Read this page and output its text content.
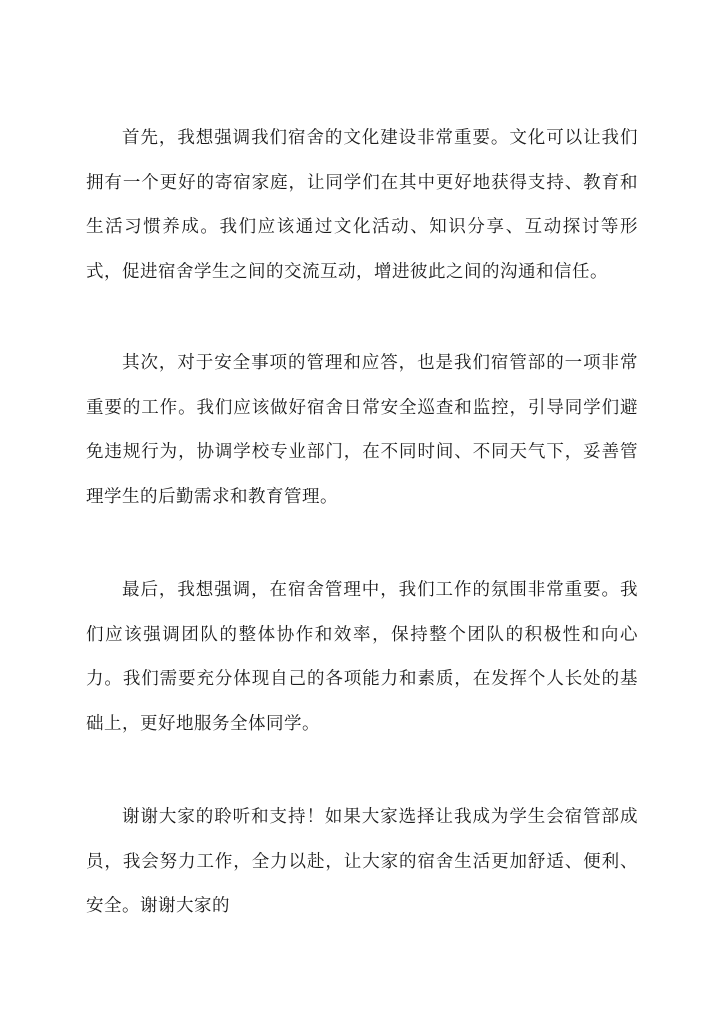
首先，我想强调我们宿舍的文化建设非常重要。文化可以让我们拥有一个更好的寄宿家庭，让同学们在其中更好地获得支持、教育和生活习惯养成。我们应该通过文化活动、知识分享、互动探讨等形式，促进宿舍学生之间的交流互动，增进彼此之间的沟通和信任。

其次，对于安全事项的管理和应答，也是我们宿管部的一项非常重要的工作。我们应该做好宿舍日常安全巡查和监控，引导同学们避免违规行为，协调学校专业部门，在不同时间、不同天气下，妥善管理学生的后勤需求和教育管理。

最后，我想强调，在宿舍管理中，我们工作的氛围非常重要。我们应该强调团队的整体协作和效率，保持整个团队的积极性和向心力。我们需要充分体现自己的各项能力和素质，在发挥个人长处的基础上，更好地服务全体同学。

谢谢大家的聆听和支持！如果大家选择让我成为学生会宿管部成员，我会努力工作，全力以赴，让大家的宿舍生活更加舒适、便利、安全。谢谢大家的
